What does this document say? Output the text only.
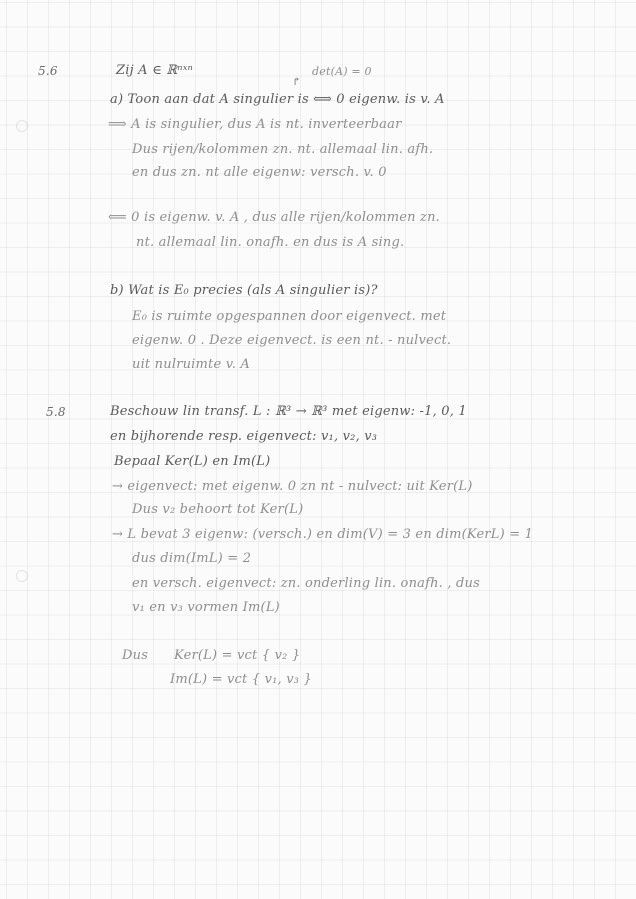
5.6	Zij A ∈ ℝⁿˣⁿ
↱
det(A) = 0
a) Toon aan dat A singulier is ⟺ 0 eigenw. is v. A
⟹ A is singulier, dus A is nt. inverteerbaar
Dus rijen/kolommen zn. nt. allemaal lin. afh.
en dus zn. nt alle eigenw: versch. v. 0
⟸ 0 is eigenw. v. A , dus alle rijen/kolommen zn.
nt. allemaal lin. onafh. en dus is A sing.
b) Wat is E₀ precies (als A singulier is)?
E₀ is ruimte opgespannen door eigenvect. met
eigenw. 0 . Deze eigenvect. is een nt. - nulvect.
uit nulruimte v. A
5.8	Beschouw lin transf. L : ℝ³ → ℝ³ met eigenw: -1, 0, 1
en bijhorende resp. eigenvect: v₁, v₂, v₃
Bepaal Ker(L) en Im(L)
→ eigenvect: met eigenw. 0 zn nt - nulvect: uit Ker(L)
Dus v₂ behoort tot Ker(L)
→ L bevat 3 eigenw: (versch.) en dim(V) = 3 en dim(KerL) = 1
dus dim(ImL) = 2
en versch. eigenvect: zn. onderling lin. onafh. , dus
v₁ en v₃ vormen Im(L)
Dus Ker(L) = vct { v₂ }
Im(L) = vct { v₁, v₃ }
